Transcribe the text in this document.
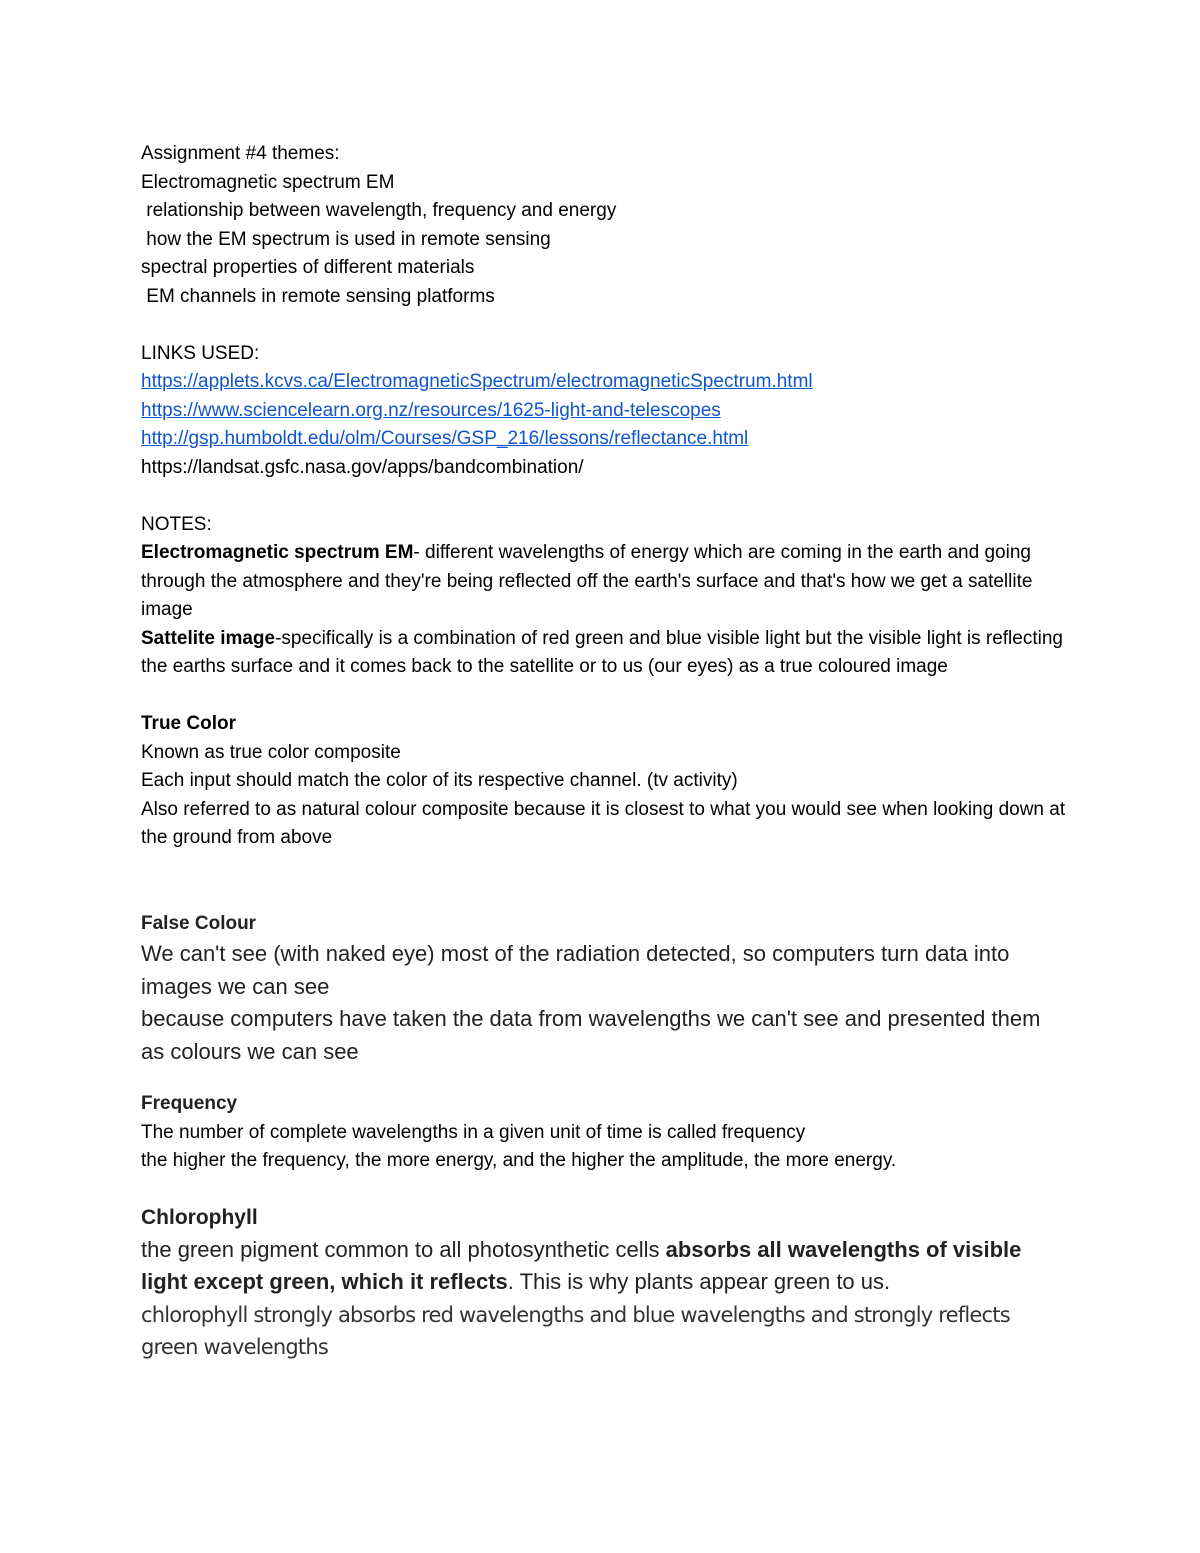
Assignment #4 themes:
Electromagnetic spectrum EM
relationship between wavelength, frequency and energy
how the EM spectrum is used in remote sensing
spectral properties of different materials
EM channels in remote sensing platforms
LINKS USED:
https://applets.kcvs.ca/ElectromagneticSpectrum/electromagneticSpectrum.html
https://www.sciencelearn.org.nz/resources/1625-light-and-telescopes
http://gsp.humboldt.edu/olm/Courses/GSP_216/lessons/reflectance.html
https://landsat.gsfc.nasa.gov/apps/bandcombination/
NOTES:
Electromagnetic spectrum EM- different wavelengths of energy which are coming in the earth and going through the atmosphere and they're being reflected off the earth's surface and that's how we get a satellite image
Sattelite image-specifically is a combination of red green and blue visible light but the visible light is reflecting the earths surface and it comes back to the satellite or to us (our eyes) as a true coloured image
True Color
Known as true color composite
Each input should match the color of its respective channel. (tv activity)
Also referred to as natural colour composite because it is closest to what you would see when looking down at the ground from above
False Colour
We can't see (with naked eye) most of the radiation detected, so computers turn data into images we can see
because computers have taken the data from wavelengths we can't see and presented them as colours we can see
Frequency
The number of complete wavelengths in a given unit of time is called frequency
the higher the frequency, the more energy, and the higher the amplitude, the more energy.
Chlorophyll
the green pigment common to all photosynthetic cells absorbs all wavelengths of visible light except green, which it reflects. This is why plants appear green to us.
chlorophyll strongly absorbs red wavelengths and blue wavelengths and strongly reflects green wavelengths
